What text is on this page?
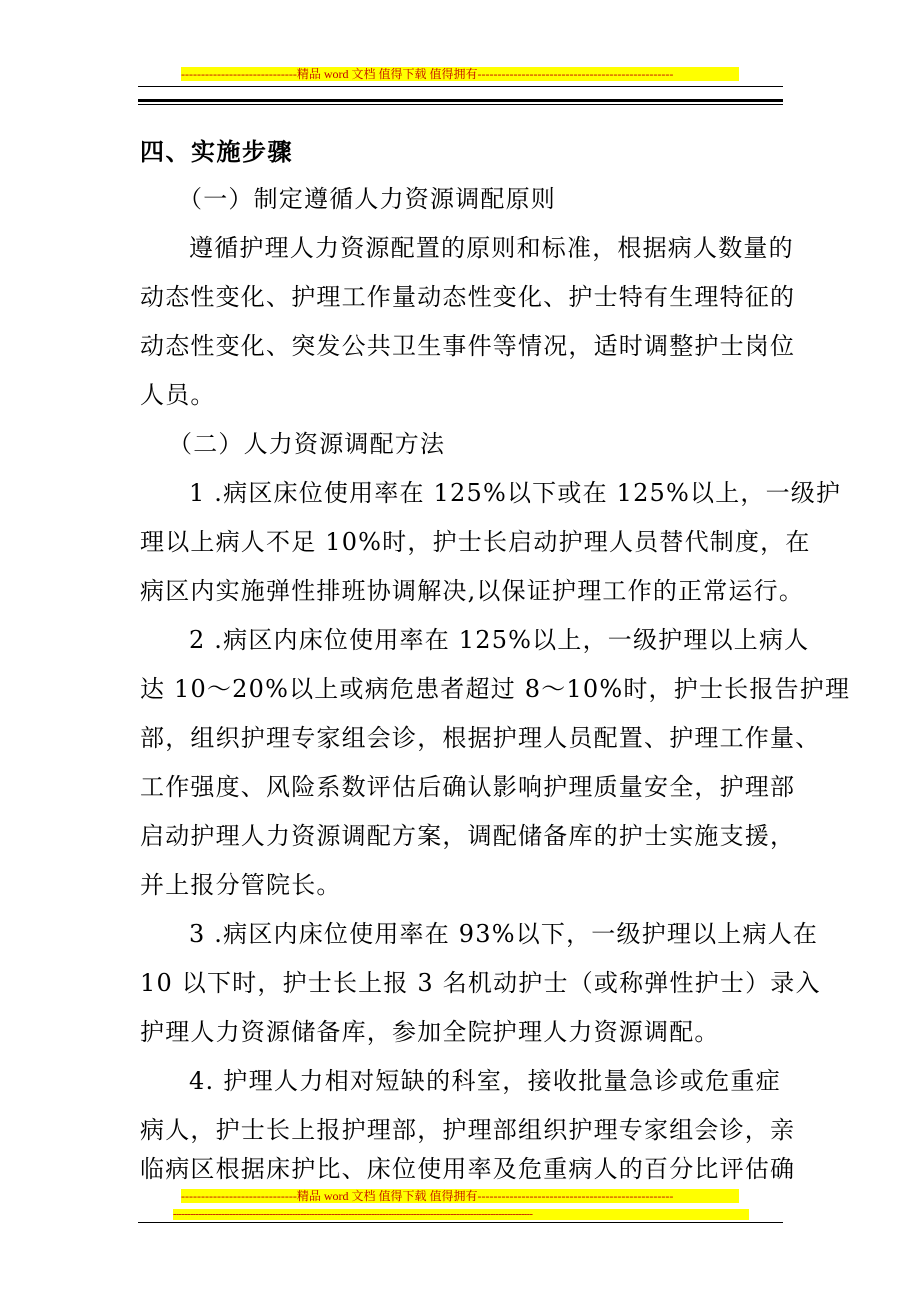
-----------------------------精品 word 文档 值得下载 值得拥有-------------------------------------------------
四、实施步骤
（一）制定遵循人力资源调配原则
遵循护理人力资源配置的原则和标准，根据病人数量的
动态性变化、护理工作量动态性变化、护士特有生理特征的
动态性变化、突发公共卫生事件等情况，适时调整护士岗位
人员。
（二）人力资源调配方法
1 .病区床位使用率在 125%以下或在 125%以上，一级护
理以上病人不足 10%时，护士长启动护理人员替代制度，在
病区内实施弹性排班协调解决,以保证护理工作的正常运行。
2 .病区内床位使用率在 125%以上，一级护理以上病人
达 10～20%以上或病危患者超过 8～10%时，护士长报告护理
部，组织护理专家组会诊，根据护理人员配置、护理工作量、
工作强度、风险系数评估后确认影响护理质量安全，护理部
启动护理人力资源调配方案，调配储备库的护士实施支援，
并上报分管院长。
3 .病区内床位使用率在 93%以下，一级护理以上病人在
10 以下时，护士长上报 3 名机动护士（或称弹性护士）录入
护理人力资源储备库，参加全院护理人力资源调配。
4. 护理人力相对短缺的科室，接收批量急诊或危重症
病人，护士长上报护理部，护理部组织护理专家组会诊，亲
临病区根据床护比、床位使用率及危重病人的百分比评估确
-----------------------------精品 word 文档 值得下载 值得拥有-------------------------------------------------
-------------------------------------------------------------------------------------------------------------------------------
